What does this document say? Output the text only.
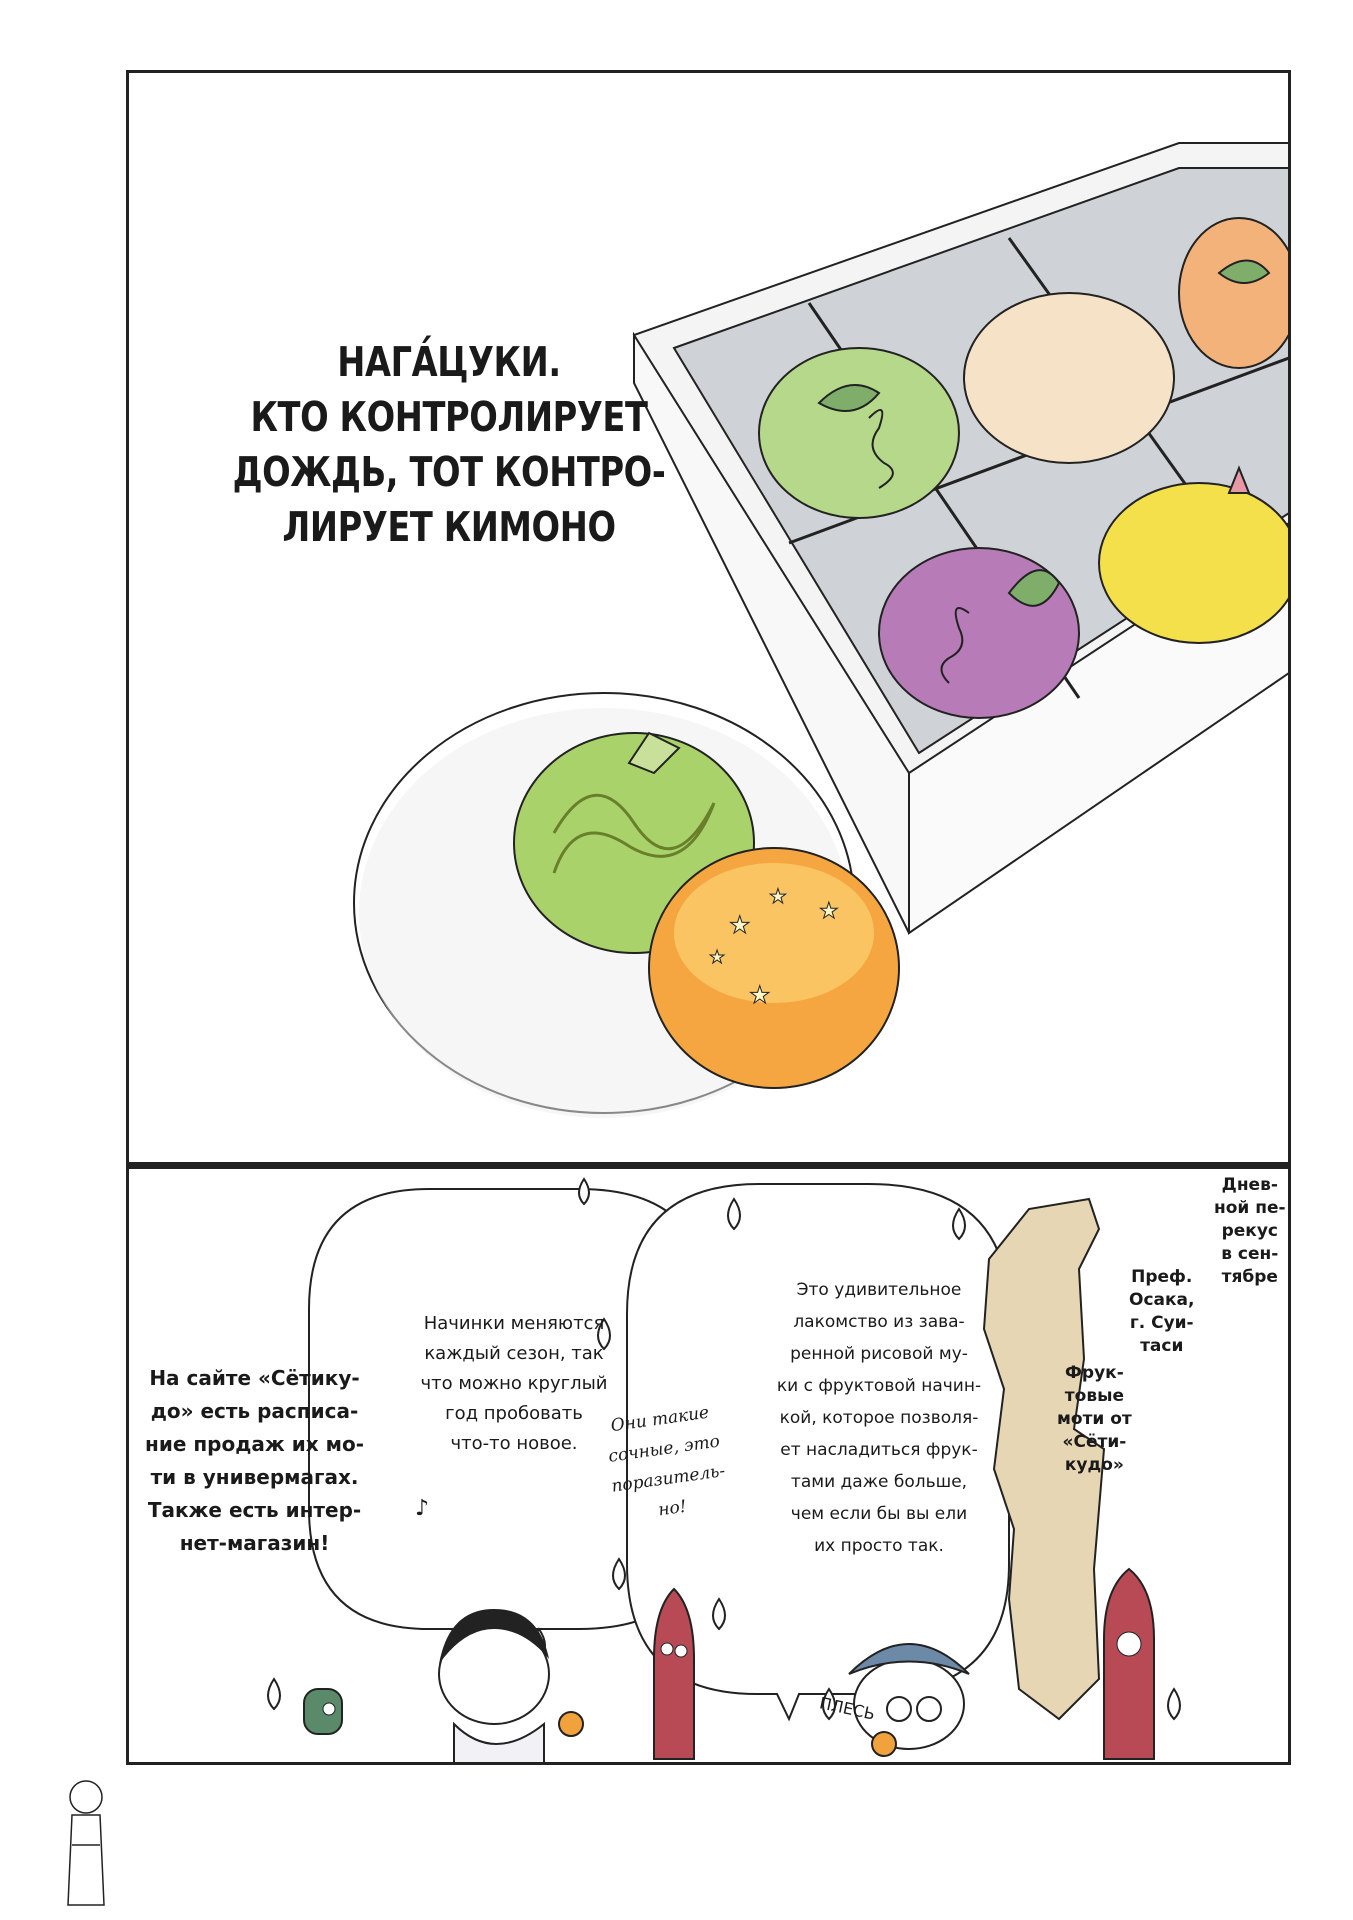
★
★
★
★
★
НАГА́ЦУКИ.
КТО КОНТРОЛИРУЕТ
ДОЖДЬ, ТОТ КОНТРО-
ЛИРУЕТ КИМОНО
На сайте «Сётику-
до» есть расписа-
ние продаж их мо-
ти в универмагах.
Также есть интер-
нет-магазин!
Начинки меняются
каждый сезон, так
что можно круглый
год пробовать
что-то новое.
♪
Они такие
сочные, это
поразитель-
но!
Это удивительное
лакомство из зава-
ренной рисовой му-
ки с фруктовой начин-
кой, которое позволя-
ет насладиться фрук-
тами даже больше,
чем если бы вы ели
их просто так.
Преф.
Осака,
г. Суи-
таси
Фрук-
товые
моти от
«Сёти-
кудо»
Днев-
ной пе-
рекус
в сен-
тябре
ПЛЕСЬ
